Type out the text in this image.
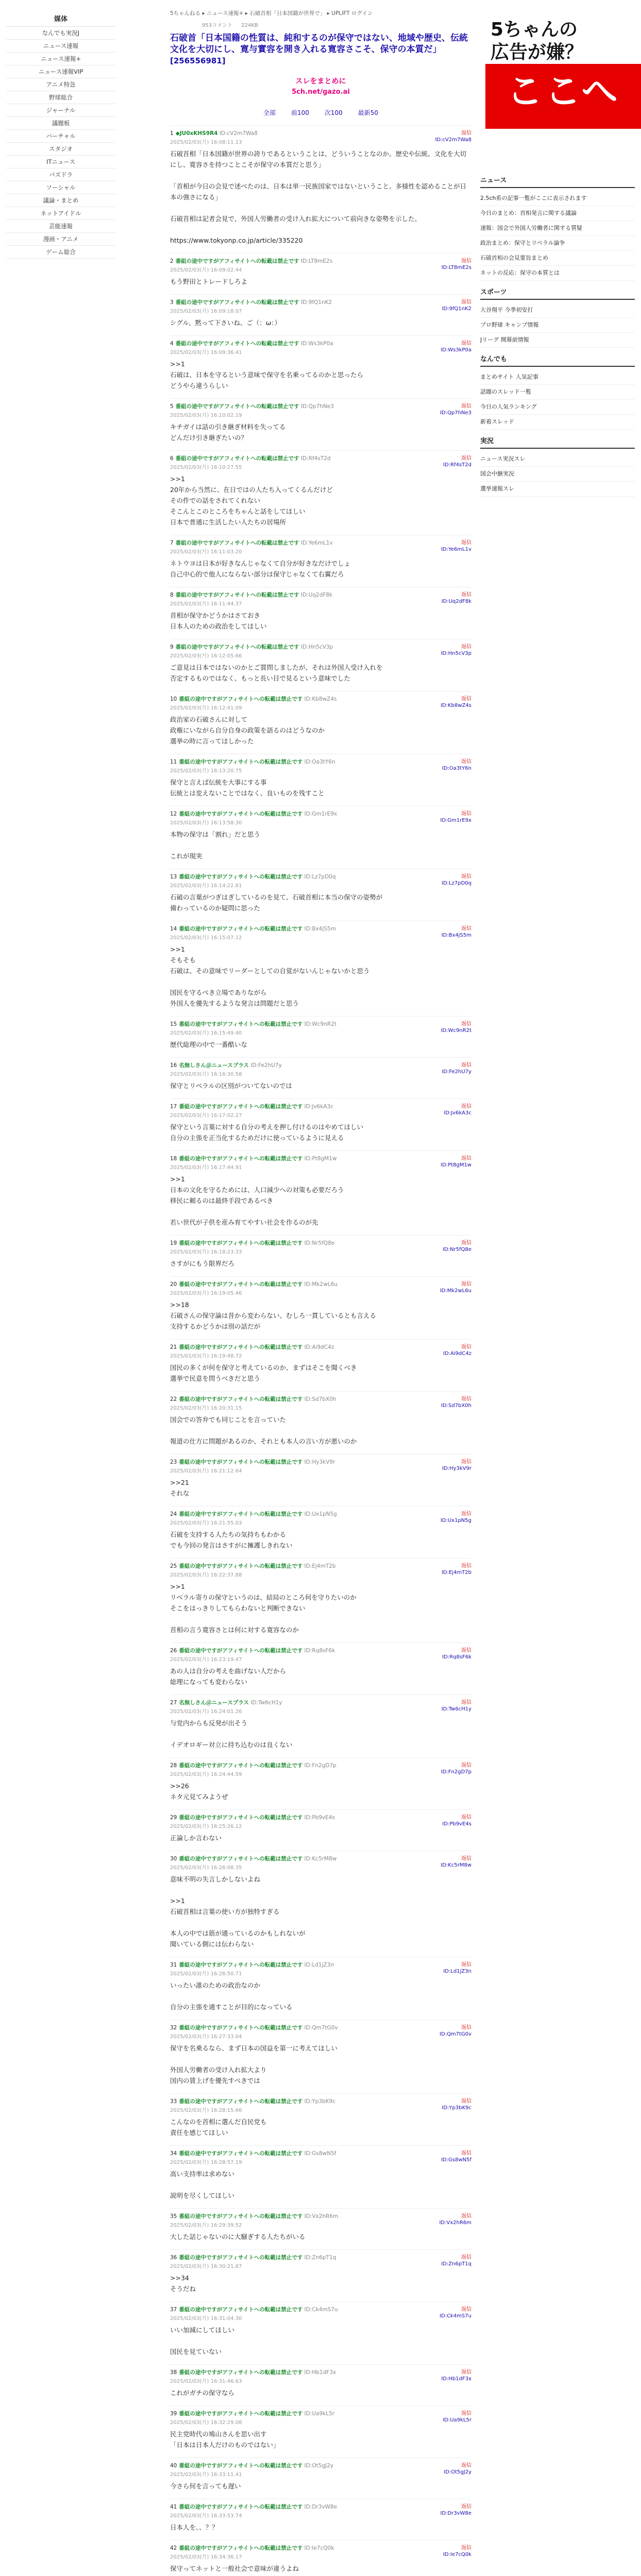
媒体
なんでも実況J
ニュース速報
ニュース速報+
ニュース速報VIP
アニメ特急
野球総合
ジャーナル
議題板
バーチャル
スタジオ
ITニュース
パズドラ
ソーシャル
議論・まとめ
ネットアイドル
芸能速報
漫画・アニメ
ゲーム総合
5ちゃんねる ▸ ニュース速報+ ▸ 石破首相「日本国籍が世界で」 ▸ UPLIFT ログイン
953コメント 224KB
石破首「日本国籍の性質は、純和するのが保守ではない、地域や歴史、伝統文化を大切にし、寛与實容を開き入れる寛容さこそ、保守の本質だ」
[256556981]
スレをまとめに
5ch.net/gazo.ai
全部	前100	次100	最新50
1 ◆JU0xKHS9R4 ID:cV2m7Wa8
2025/02/03(月) 16:08:11.13
返信
ID:cV2m7Wa8
石破首相「日本国籍が世界の誇りであるということは、どういうことなのか。歴史や伝統、文化を大切にし、寛容さを持つことこそが保守の本質だと思う」

「首相が今日の会見で述べたのは、日本は単一民族国家ではないということ。多様性を認めることが日本の強さになる」

石破首相は記者会見で、外国人労働者の受け入れ拡大について前向きな姿勢を示した。

https://www.tokyonp.co.jp/article/335220
2 番組の途中ですがアフィサイトへの転載は禁止です ID:LT8mE2s
2025/02/03(月) 16:09:02.44
返信
ID:LT8mE2s
もう野田とトレードしろよ
3 番組の途中ですがアフィサイトへの転載は禁止です ID:9fQ1nK2
2025/02/03(月) 16:09:18.07
返信
ID:9fQ1nK2
シグル、黙って下さいね、ご（：ω：）
4 番組の途中ですがアフィサイトへの転載は禁止です ID:Ws3kP0a
2025/02/03(月) 16:09:36.41
返信
ID:Ws3kP0a
>>1
石破は、日本を守るという意味で保守を名乗ってるのかと思ったら
どうやら違うらしい
5 番組の途中ですがアフィサイトへの転載は禁止です ID:Qp7hNe3
2025/02/03(月) 16:10:02.19
返信
ID:Qp7hNe3
キチガイは話の引き継ぎ材料を失ってる
どんだけ引き継ぎたいの？
6 番組の途中ですがアフィサイトへの転載は禁止です ID:Rf4sT2d
2025/02/03(月) 16:10:27.55
返信
ID:Rf4sT2d
>>1
20年から当然に、在日ではの人たち入ってくるんだけど
その件での話をされてくれない
そこんとこのところをちゃんと話をしてほしい
日本で普通に生活したい人たちの居場所
7 番組の途中ですがアフィサイトへの転載は禁止です ID:Ye6mL1v
2025/02/03(月) 16:11:03.20
返信
ID:Ye6mL1v
ネトウヨは日本が好きなんじゃなくて自分が好きなだけでしょ
自己中心的で他人にならない部分は保守じゃなくて右翼だろ
8 番組の途中ですがアフィサイトへの転載は禁止です ID:Uq2dF8k
2025/02/03(月) 16:11:44.37
返信
ID:Uq2dF8k
首相が保守かどうかはさておき
日本人のための政治をしてほしい
9 番組の途中ですがアフィサイトへの転載は禁止です ID:Hn5cV3p
2025/02/03(月) 16:12:05.66
返信
ID:Hn5cV3p
ご意見は日本ではないのかとご質問しましたが、それは外国人受け入れを
否定するものではなく、もっと長い目で見るという意味でした
10 番組の途中ですがアフィサイトへの転載は禁止です ID:Kb8wZ4s
2025/02/03(月) 16:12:41.09
返信
ID:Kb8wZ4s
政治家の石破さんに対して
政権にいながら自分自身の政策を語るのはどうなのか
選挙の時に言ってほしかった
11 番組の途中ですがアフィサイトへの転載は禁止です ID:Oa3tY6n
2025/02/03(月) 16:13:20.75
返信
ID:Oa3tY6n
保守と言えば伝統を大事にする事
伝統とは変えないことではなく、良いものを残すこと
12 番組の途中ですがアフィサイトへの転載は禁止です ID:Gm1rE9x
2025/02/03(月) 16:13:58.30
返信
ID:Gm1rE9x
本物の保守は「割れ」だと思う

これが現実
13 番組の途中ですがアフィサイトへの転載は禁止です ID:Lz7pD0q
2025/02/03(月) 16:14:22.81
返信
ID:Lz7pD0q
石破の言葉がつぎはぎしているのを見て、石破首相に本当の保守の姿勢が
備わっているのか疑問に思った
14 番組の途中ですがアフィサイトへの転載は禁止です ID:Bx4jS5m
2025/02/03(月) 16:15:07.12
返信
ID:Bx4jS5m
>>1
そもそも
石破は、その意味でリーダーとしての自覚がないんじゃないかと思う

国民を守るべき立場でありながら
外国人を優先するような発言は問題だと思う
15 番組の途中ですがアフィサイトへの転載は禁止です ID:Wc9nR2t
2025/02/03(月) 16:15:49.40
返信
ID:Wc9nR2t
歴代総理の中で一番酷いな
16 名無しさん＠ニュースプラス ID:Fe2hU7y
2025/02/03(月) 16:16:30.58
返信
ID:Fe2hU7y
保守とリベラルの区別がついてないのでは
17 番組の途中ですがアフィサイトへの転載は禁止です ID:Jv6kA3c
2025/02/03(月) 16:17:02.27
返信
ID:Jv6kA3c
保守という言葉に対する自分の考えを押し付けるのはやめてほしい
自分の主張を正当化するためだけに使っているように見える
18 番組の途中ですがアフィサイトへの転載は禁止です ID:Pt8gM1w
2025/02/03(月) 16:17:44.91
返信
ID:Pt8gM1w
>>1
日本の文化を守るためには、人口減少への対策も必要だろう
移民に頼るのは最終手段であるべき

若い世代が子供を産み育てやすい社会を作るのが先
19 番組の途中ですがアフィサイトへの転載は禁止です ID:Nr5fQ8e
2025/02/03(月) 16:18:23.33
返信
ID:Nr5fQ8e
さすがにもう限界だろ
20 番組の途中ですがアフィサイトへの転載は禁止です ID:Mk2wL6u
2025/02/03(月) 16:19:05.46
返信
ID:Mk2wL6u
>>18
石破さんの保守論は昔から変わらない、むしろ一貫しているとも言える
支持するかどうかは別の話だが
21 番組の途中ですがアフィサイトへの転載は禁止です ID:Ai9dC4z
2025/02/03(月) 16:19:48.72
返信
ID:Ai9dC4z
国民の多くが何を保守と考えているのか、まずはそこを聞くべき
選挙で民意を問うべきだと思う
22 番組の途中ですがアフィサイトへの転載は禁止です ID:Sd7bX0h
2025/02/03(月) 16:20:31.15
返信
ID:Sd7bX0h
国会での答弁でも同じことを言っていた

報道の仕方に問題があるのか、それとも本人の言い方が悪いのか
23 番組の途中ですがアフィサイトへの転載は禁止です ID:Hy3kV9r
2025/02/03(月) 16:21:12.64
返信
ID:Hy3kV9r
>>21
それな
24 番組の途中ですがアフィサイトへの転載は禁止です ID:Ux1pN5g
2025/02/03(月) 16:21:55.03
返信
ID:Ux1pN5g
石破を支持する人たちの気持ちもわかる
でも今回の発言はさすがに擁護しきれない
25 番組の途中ですがアフィサイトへの転載は禁止です ID:Ej4mT2b
2025/02/03(月) 16:22:37.88
返信
ID:Ej4mT2b
>>1
リベラル寄りの保守というのは、結局のところ何を守りたいのか
そこをはっきりしてもらわないと判断できない

首相の言う寛容さとは何に対する寛容なのか
26 番組の途中ですがアフィサイトへの転載は禁止です ID:Rq8sF6k
2025/02/03(月) 16:23:19.47
返信
ID:Rq8sF6k
あの人は自分の考えを曲げない人だから
総理になっても変わらない
27 名無しさん＠ニュースプラス ID:Tw6cH1y
2025/02/03(月) 16:24:01.26
返信
ID:Tw6cH1y
与党内からも反発が出そう

イデオロギー対立に持ち込むのは良くない
28 番組の途中ですがアフィサイトへの転載は禁止です ID:Fn2gD7p
2025/02/03(月) 16:24:44.59
返信
ID:Fn2gD7p
>>26
ネタ元見てみようぜ
29 番組の途中ですがアフィサイトへの転載は禁止です ID:Pb9vE4s
2025/02/03(月) 16:25:26.12
返信
ID:Pb9vE4s
正論しか言わない
30 番組の途中ですがアフィサイトへの転載は禁止です ID:Kc5rM8w
2025/02/03(月) 16:26:08.35
返信
ID:Kc5rM8w
意味不明の失言しかしないよね

>>1
石破首相は言葉の使い方が独特すぎる

本人の中では筋が通っているのかもしれないが
聞いている側には伝わらない
31 番組の途中ですがアフィサイトへの転載は禁止です ID:Ld1jZ3n
2025/02/03(月) 16:26:50.71
返信
ID:Ld1jZ3n
いったい誰のための政治なのか

自分の主張を通すことが目的になっている
32 番組の途中ですがアフィサイトへの転載は禁止です ID:Qm7tG0v
2025/02/03(月) 16:27:33.04
返信
ID:Qm7tG0v
保守を名乗るなら、まず日本の国益を第一に考えてほしい

外国人労働者の受け入れ拡大より
国内の賃上げを優先すべきでは
33 番組の途中ですがアフィサイトへの転載は禁止です ID:Yp3bK9c
2025/02/03(月) 16:28:15.66
返信
ID:Yp3bK9c
こんなのを首相に選んだ自民党も
責任を感じてほしい
34 番組の途中ですがアフィサイトへの転載は禁止です ID:Gs8wN5f
2025/02/03(月) 16:28:57.19
返信
ID:Gs8wN5f
高い支持率は求めない

説明を尽くしてほしい
35 番組の途中ですがアフィサイトへの転載は禁止です ID:Vx2hR6m
2025/02/03(月) 16:29:39.52
返信
ID:Vx2hR6m
大した話じゃないのに大騒ぎする人たちがいる
36 番組の途中ですがアフィサイトへの転載は禁止です ID:Zn6pT1q
2025/02/03(月) 16:30:21.87
返信
ID:Zn6pT1q
>>34
そうだね
37 番組の途中ですがアフィサイトへの転載は禁止です ID:Ck4mS7u
2025/02/03(月) 16:31:04.30
返信
ID:Ck4mS7u
いい加減にしてほしい

国民を見ていない
38 番組の途中ですがアフィサイトへの転載は禁止です ID:Hb1dF3x
2025/02/03(月) 16:31:46.63
返信
ID:Hb1dF3x
これがガチの保守なら
39 番組の途中ですがアフィサイトへの転載は禁止です ID:Ua9kL5r
2025/02/03(月) 16:32:29.08
返信
ID:Ua9kL5r
民主党時代の鳩山さんを思い出す
「日本は日本人だけのものではない」
40 番組の途中ですがアフィサイトへの転載は禁止です ID:Ot5gJ2y
2025/02/03(月) 16:33:11.41
返信
ID:Ot5gJ2y
今さら何を言っても遅い
41 番組の途中ですがアフィサイトへの転載は禁止です ID:Dr3vW8e
2025/02/03(月) 16:33:53.74
返信
ID:Dr3vW8e
日本人を、、？？
42 番組の途中ですがアフィサイトへの転載は禁止です ID:Ie7cQ0k
2025/02/03(月) 16:34:36.17
返信
ID:Ie7cQ0k
保守ってネットと一般社会で意味が違うよね

5ちゃんの
広告が嫌？
ここへ
ニュース
2.5ch系の記事一覧がここに表示されます
今日のまとめ：首相発言に関する議論
速報：国会で外国人労働者に関する質疑
政治まとめ：保守とリベラル論争
石破首相の会見要旨まとめ
ネットの反応：保守の本質とは
スポーツ
大谷翔平 今季初安打
プロ野球 キャンプ情報
Jリーグ 開幕前情報
なんでも
まとめサイト 人気記事
話題のスレッド一覧
今日の人気ランキング
新着スレッド
実況
ニュース実況スレ
国会中継実況
選挙速報スレ
